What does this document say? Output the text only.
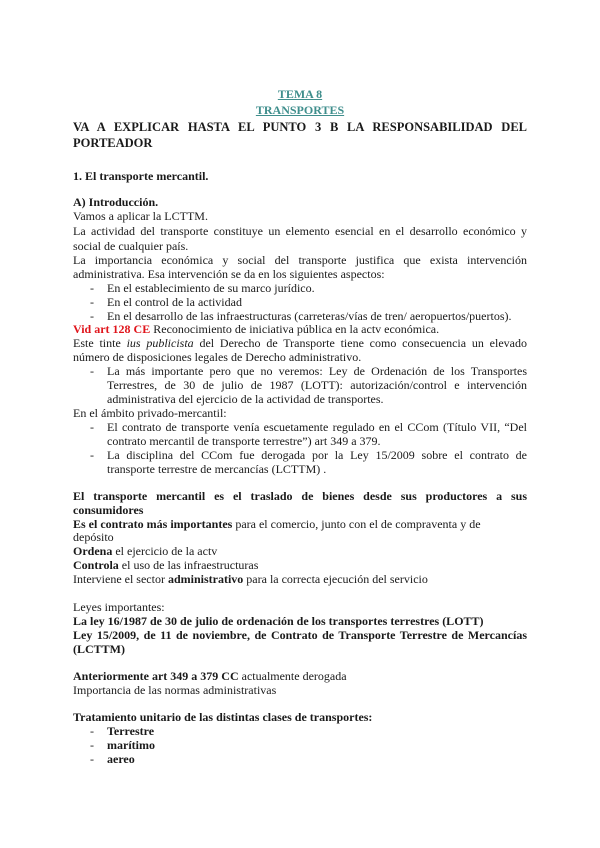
TEMA 8
TRANSPORTES
VA A EXPLICAR HASTA EL PUNTO 3 B LA RESPONSABILIDAD DEL
PORTEADOR
1. El transporte mercantil.
A) Introducción.
Vamos a aplicar la LCTTM.
La actividad del transporte constituye un elemento esencial en el desarrollo económico y
social de cualquier país.
La importancia económica y social del transporte justifica que exista intervención
administrativa. Esa intervención se da en los siguientes aspectos:
- En el establecimiento de su marco jurídico.
- En el control de la actividad
- En el desarrollo de las infraestructuras (carreteras/vías de tren/ aeropuertos/puertos).
Vid art 128 CE Reconocimiento de iniciativa pública en la actv económica.
Este tinte ius publicista del Derecho de Transporte tiene como consecuencia un elevado
número de disposiciones legales de Derecho administrativo.
- La más importante pero que no veremos: Ley de Ordenación de los Transportes
Terrestres, de 30 de julio de 1987 (LOTT): autorización/control e intervención
administrativa del ejercicio de la actividad de transportes.
En el ámbito privado-mercantil:
- El contrato de transporte venía escuetamente regulado en el CCom (Título VII, “Del
contrato mercantil de transporte terrestre”) art 349 a 379.
- La disciplina del CCom fue derogada por la Ley 15/2009 sobre el contrato de
transporte terrestre de mercancías (LCTTM) .
El transporte mercantil es el traslado de bienes desde sus productores a sus
consumidores
Es el contrato más importantes para el comercio, junto con el de compraventa y de
depósito
Ordena el ejercicio de la actv
Controla el uso de las infraestructuras
Interviene el sector administrativo para la correcta ejecución del servicio
Leyes importantes:
La ley 16/1987 de 30 de julio de ordenación de los transportes terrestres (LOTT)
Ley 15/2009, de 11 de noviembre, de Contrato de Transporte Terrestre de Mercancías
(LCTTM)
Anteriormente art 349 a 379 CC actualmente derogada
Importancia de las normas administrativas
Tratamiento unitario de las distintas clases de transportes:
- Terrestre
- marítimo
- aereo
